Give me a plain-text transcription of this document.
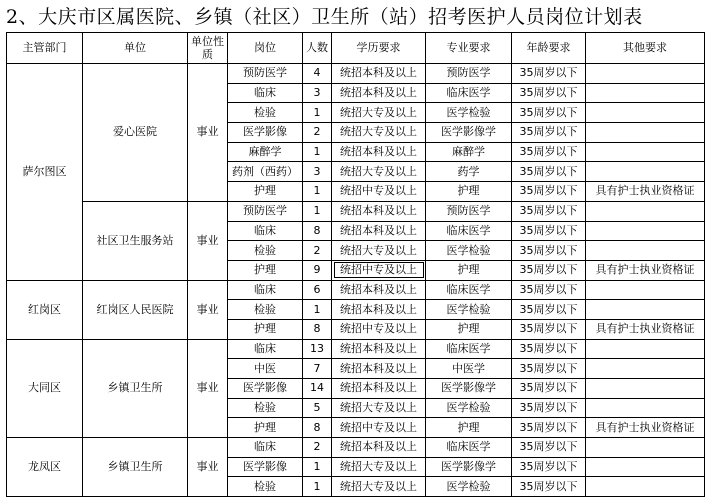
2、大庆市区属医院、乡镇（社区）卫生所（站）招考医护人员岗位计划表
主管部门	单位	单位性质	岗位	人数	学历要求	专业要求	年龄要求	其他要求
萨尔图区	爱心医院	事业	预防医学	4	统招本科及以上	预防医学	35周岁以下	
			临床	3	统招本科及以上	临床医学	35周岁以下	
			检验	1	统招大专及以上	医学检验	35周岁以下	
			医学影像	2	统招大专及以上	医学影像学	35周岁以下	
			麻醉学	1	统招本科及以上	麻醉学	35周岁以下	
			药剂（西药）	3	统招大专及以上	药学	35周岁以下	
			护理	1	统招中专及以上	护理	35周岁以下	具有护士执业资格证
	社区卫生服务站	事业	预防医学	1	统招本科及以上	预防医学	35周岁以下	
			临床	8	统招本科及以上	临床医学	35周岁以下	
			检验	2	统招大专及以上	医学检验	35周岁以下	
			护理	9	统招中专及以上	护理	35周岁以下	具有护士执业资格证
红岗区	红岗区人民医院	事业	临床	6	统招本科及以上	临床医学	35周岁以下	
			检验	1	统招本科及以上	医学检验	35周岁以下	
			护理	8	统招中专及以上	护理	35周岁以下	具有护士执业资格证
大同区	乡镇卫生所	事业	临床	13	统招本科及以上	临床医学	35周岁以下	
			中医	7	统招本科及以上	中医学	35周岁以下	
			医学影像	14	统招本科及以上	医学影像学	35周岁以下	
			检验	5	统招大专及以上	医学检验	35周岁以下	
			护理	8	统招中专及以上	护理	35周岁以下	具有护士执业资格证
龙凤区	乡镇卫生所	事业	临床	2	统招本科及以上	临床医学	35周岁以下	
			医学影像	1	统招大专及以上	医学影像学	35周岁以下	
			检验	1	统招大专及以上	医学检验	35周岁以下	
